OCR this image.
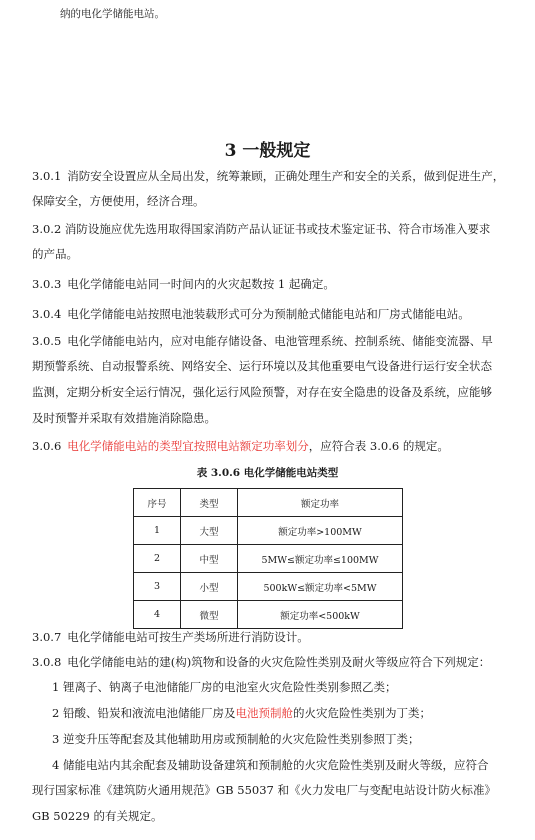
纳的电化学储能电站。
3 一般规定
3.0.1 消防安全设置应从全局出发，统筹兼顾，正确处理生产和安全的关系，做到促进生产，
保障安全，方便使用，经济合理。
3.0.2 消防设施应优先选用取得国家消防产品认证证书或技术鉴定证书、符合市场准入要求
的产品。
3.0.3 电化学储能电站同一时间内的火灾起数按 1 起确定。
3.0.4 电化学储能电站按照电池装载形式可分为预制舱式储能电站和厂房式储能电站。
3.0.5 电化学储能电站内，应对电能存储设备、电池管理系统、控制系统、储能变流器、早
期预警系统、自动报警系统、网络安全、运行环境以及其他重要电气设备进行运行安全状态
监测，定期分析安全运行情况，强化运行风险预警，对存在安全隐患的设备及系统，应能够
及时预警并采取有效措施消除隐患。
3.0.6 电化学储能电站的类型宜按照电站额定功率划分，应符合表 3.0.6 的规定。
表 3.0.6 电化学储能电站类型
序号	类型	额定功率
1	大型	额定功率>100MW
2	中型	5MW≤额定功率≤100MW
3	小型	500kW≤额定功率<5MW
4	微型	额定功率<500kW
3.0.7 电化学储能电站可按生产类场所进行消防设计。
3.0.8 电化学储能电站的建(构)筑物和设备的火灾危险性类别及耐火等级应符合下列规定：
1 锂离子、钠离子电池储能厂房的电池室火灾危险性类别参照乙类；
2 铅酸、铅炭和液流电池储能厂房及电池预制舱的火灾危险性类别为丁类；
3 逆变升压等配套及其他辅助用房或预制舱的火灾危险性类别参照丁类；
4 储能电站内其余配套及辅助设备建筑和预制舱的火灾危险性类别及耐火等级，应符合
现行国家标准《建筑防火通用规范》GB 55037 和《火力发电厂与变配电站设计防火标准》
GB 50229 的有关规定。
